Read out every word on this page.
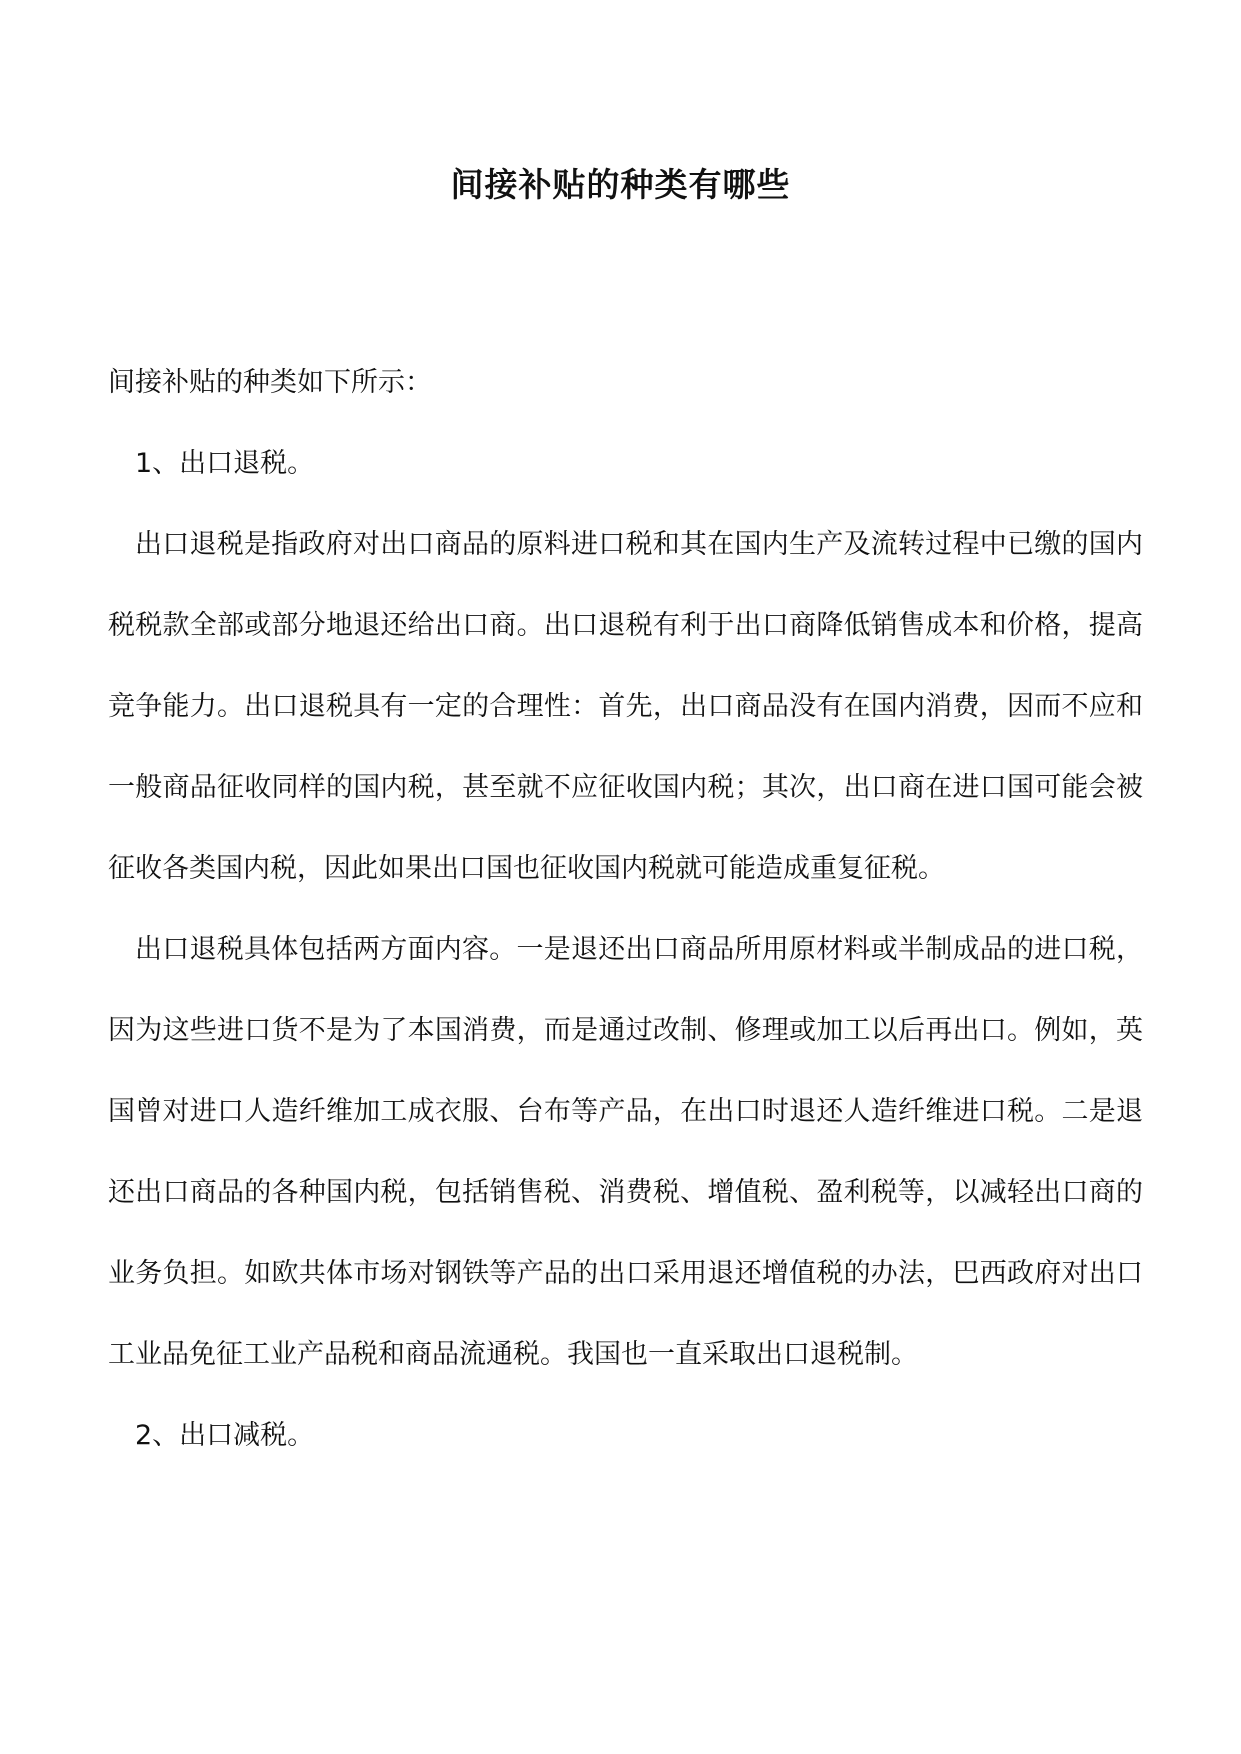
间接补贴的种类有哪些

间接补贴的种类如下所示：

1、出口退税。

出口退税是指政府对出口商品的原料进口税和其在国内生产及流转过程中已缴的国内税税款全部或部分地退还给出口商。出口退税有利于出口商降低销售成本和价格，提高竞争能力。出口退税具有一定的合理性：首先，出口商品没有在国内消费，因而不应和一般商品征收同样的国内税，甚至就不应征收国内税；其次，出口商在进口国可能会被征收各类国内税，因此如果出口国也征收国内税就可能造成重复征税。

出口退税具体包括两方面内容。一是退还出口商品所用原材料或半制成品的进口税，因为这些进口货不是为了本国消费，而是通过改制、修理或加工以后再出口。例如，英国曾对进口人造纤维加工成衣服、台布等产品，在出口时退还人造纤维进口税。二是退还出口商品的各种国内税，包括销售税、消费税、增值税、盈利税等，以减轻出口商的业务负担。如欧共体市场对钢铁等产品的出口采用退还增值税的办法，巴西政府对出口工业品免征工业产品税和商品流通税。我国也一直采取出口退税制。

2、出口减税。
